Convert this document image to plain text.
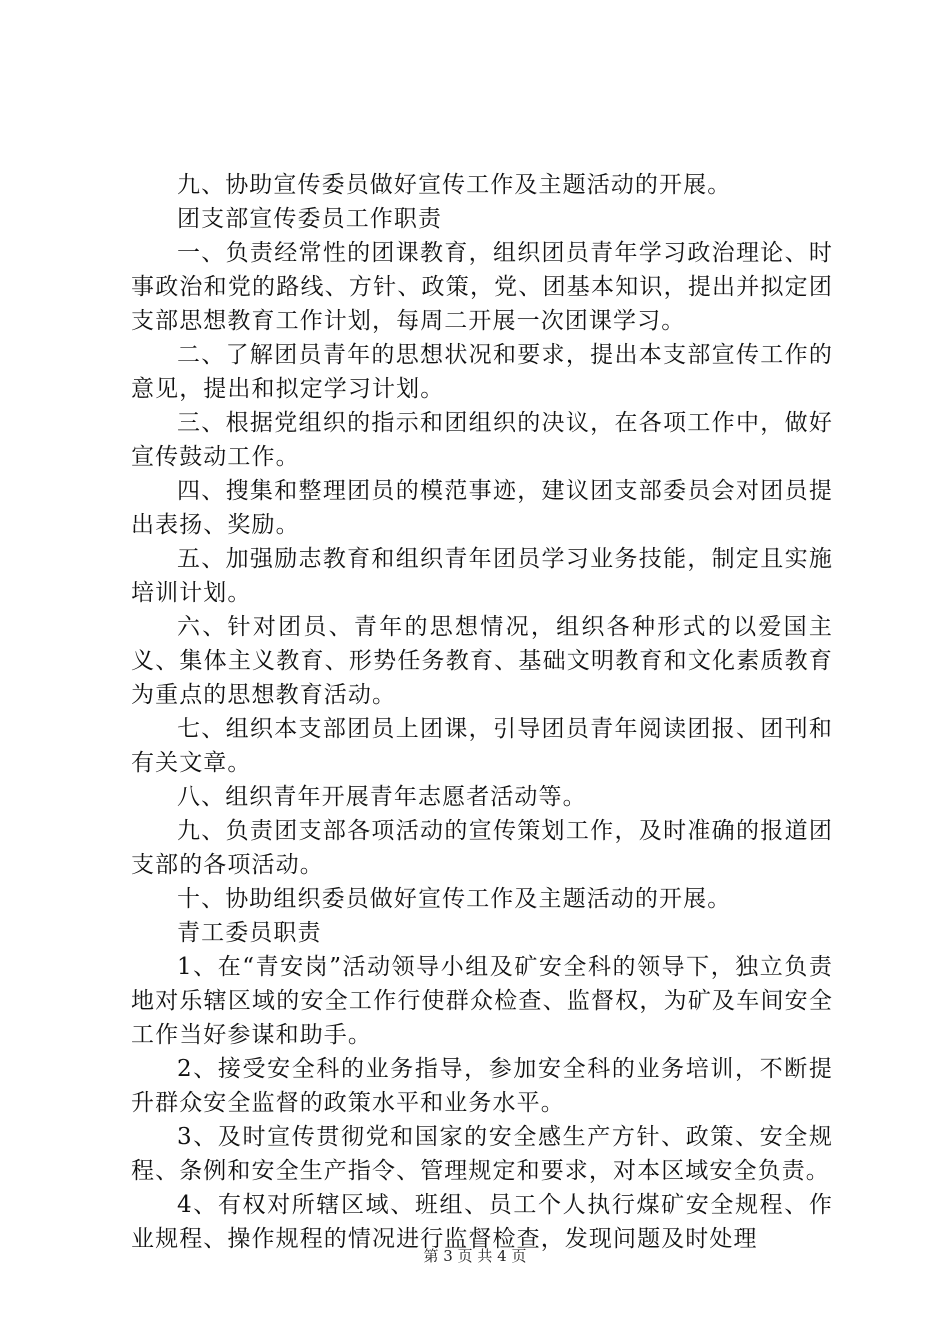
九、协助宣传委员做好宣传工作及主题活动的开展。

团支部宣传委员工作职责

一、负责经常性的团课教育，组织团员青年学习政治理论、时事政治和党的路线、方针、政策，党、团基本知识，提出并拟定团支部思想教育工作计划，每周二开展一次团课学习。

二、了解团员青年的思想状况和要求，提出本支部宣传工作的意见，提出和拟定学习计划。

三、根据党组织的指示和团组织的决议，在各项工作中，做好宣传鼓动工作。

四、搜集和整理团员的模范事迹，建议团支部委员会对团员提出表扬、奖励。

五、加强励志教育和组织青年团员学习业务技能，制定且实施培训计划。

六、针对团员、青年的思想情况，组织各种形式的以爱国主义、集体主义教育、形势任务教育、基础文明教育和文化素质教育为重点的思想教育活动。

七、组织本支部团员上团课，引导团员青年阅读团报、团刊和有关文章。

八、组织青年开展青年志愿者活动等。

九、负责团支部各项活动的宣传策划工作，及时准确的报道团支部的各项活动。

十、协助组织委员做好宣传工作及主题活动的开展。

青工委员职责

1、在“青安岗”活动领导小组及矿安全科的领导下，独立负责地对乐辖区域的安全工作行使群众检查、监督权，为矿及车间安全工作当好参谋和助手。

2、接受安全科的业务指导，参加安全科的业务培训，不断提升群众安全监督的政策水平和业务水平。

3、及时宣传贯彻党和国家的安全感生产方针、政策、安全规程、条例和安全生产指令、管理规定和要求，对本区域安全负责。

4、有权对所辖区域、班组、员工个人执行煤矿安全规程、作业规程、操作规程的情况进行监督检查，发现问题及时处理

第 3 页 共 4 页
